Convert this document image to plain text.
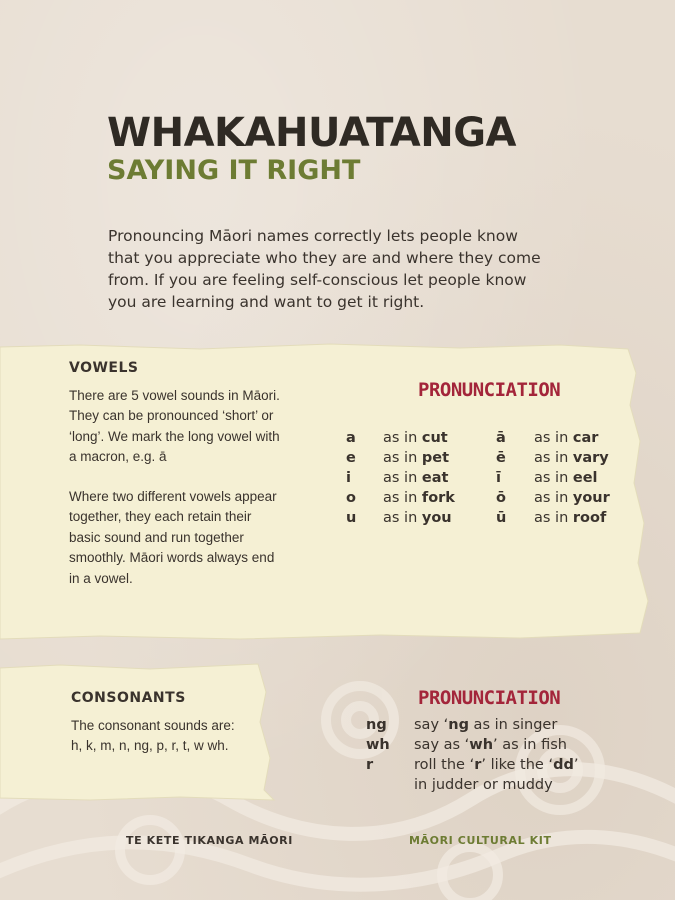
WHAKAHUATANGA
SAYING IT RIGHT

Pronouncing Māori names correctly lets people know
that you appreciate who they are and where they come
from. If you are feeling self-conscious let people know
you are learning and want to get it right.

VOWELS

There are 5 vowel sounds in Māori.
They can be pronounced ‘short’ or
‘long’. We mark the long vowel with
a macron, e.g. ā

Where two different vowels appear
together, they each retain their
basic sound and run together
smoothly. Māori words always end
in a vowel.

PRONUNCIATION
a as in cut	ā as in car
e as in pet	ē as in vary
i as in eat	ī as in eel
o as in fork	ō as in your
u as in you	ū as in roof
CONSONANTS

The consonant sounds are:
h, k, m, n, ng, p, r, t, w wh.

PRONUNCIATION
ng say ‘ng as in singer
wh say as ‘wh’ as in fish
r	roll the ‘r’ like the ‘dd’
in judder or muddy

TE KETE TIKANGA MĀORI	MĀORI CULTURAL KIT
